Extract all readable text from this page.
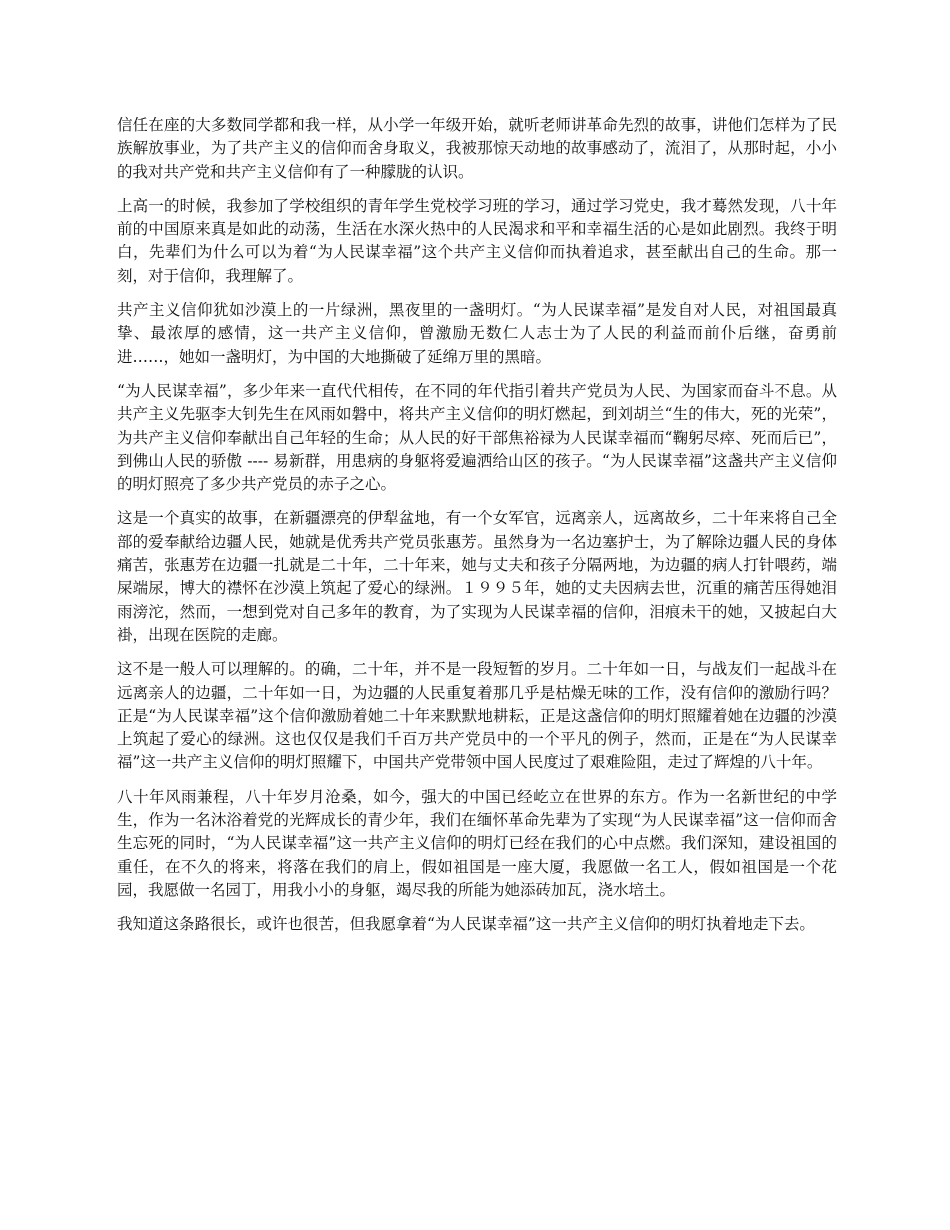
信任在座的大多数同学都和我一样，从小学一年级开始，就听老师讲革命先烈的故事，讲他们怎样为了民族解放事业，为了共产主义的信仰而舍身取义，我被那惊天动地的故事感动了，流泪了，从那时起，小小的我对共产党和共产主义信仰有了一种朦胧的认识。

上高一的时候，我参加了学校组织的青年学生党校学习班的学习，通过学习党史，我才蓦然发现，八十年前的中国原来真是如此的动荡，生活在水深火热中的人民渴求和平和幸福生活的心是如此剧烈。我终于明白，先辈们为什么可以为着“为人民谋幸福”这个共产主义信仰而执着追求，甚至献出自己的生命。那一刻，对于信仰，我理解了。

共产主义信仰犹如沙漠上的一片绿洲，黑夜里的一盏明灯。“为人民谋幸福”是发自对人民，对祖国最真挚、最浓厚的感情，这一共产主义信仰，曾激励无数仁人志士为了人民的利益而前仆后继，奋勇前进……，她如一盏明灯，为中国的大地撕破了延绵万里的黑暗。

“为人民谋幸福”，多少年来一直代代相传，在不同的年代指引着共产党员为人民、为国家而奋斗不息。从共产主义先驱李大钊先生在风雨如磐中，将共产主义信仰的明灯燃起，到刘胡兰“生的伟大，死的光荣”，为共产主义信仰奉献出自己年轻的生命；从人民的好干部焦裕禄为人民谋幸福而“鞠躬尽瘁、死而后已”，到佛山人民的骄傲 ---- 易新群，用患病的身躯将爱遍洒给山区的孩子。“为人民谋幸福”这盏共产主义信仰的明灯照亮了多少共产党员的赤子之心。

这是一个真实的故事，在新疆漂亮的伊犁盆地，有一个女军官，远离亲人，远离故乡，二十年来将自己全部的爱奉献给边疆人民，她就是优秀共产党员张惠芳。虽然身为一名边塞护士，为了解除边疆人民的身体痛苦，张惠芳在边疆一扎就是二十年，二十年来，她与丈夫和孩子分隔两地，为边疆的病人打针喂药，端屎端尿，博大的襟怀在沙漠上筑起了爱心的绿洲。１９９５年，她的丈夫因病去世，沉重的痛苦压得她泪雨滂沱，然而，一想到党对自己多年的教育，为了实现为人民谋幸福的信仰，泪痕未干的她，又披起白大褂，出现在医院的走廊。

这不是一般人可以理解的。的确，二十年，并不是一段短暂的岁月。二十年如一日，与战友们一起战斗在远离亲人的边疆，二十年如一日，为边疆的人民重复着那几乎是枯燥无味的工作，没有信仰的激励行吗？正是“为人民谋幸福”这个信仰激励着她二十年来默默地耕耘，正是这盏信仰的明灯照耀着她在边疆的沙漠上筑起了爱心的绿洲。这也仅仅是我们千百万共产党员中的一个平凡的例子，然而，正是在“为人民谋幸福”这一共产主义信仰的明灯照耀下，中国共产党带领中国人民度过了艰难险阻，走过了辉煌的八十年。

八十年风雨兼程，八十年岁月沧桑，如今，强大的中国已经屹立在世界的东方。作为一名新世纪的中学生，作为一名沐浴着党的光辉成长的青少年，我们在缅怀革命先辈为了实现“为人民谋幸福”这一信仰而舍生忘死的同时，“为人民谋幸福”这一共产主义信仰的明灯已经在我们的心中点燃。我们深知，建设祖国的重任，在不久的将来，将落在我们的肩上，假如祖国是一座大厦，我愿做一名工人，假如祖国是一个花园，我愿做一名园丁，用我小小的身躯，竭尽我的所能为她添砖加瓦，浇水培土。

我知道这条路很长，或许也很苦，但我愿拿着“为人民谋幸福”这一共产主义信仰的明灯执着地走下去。
